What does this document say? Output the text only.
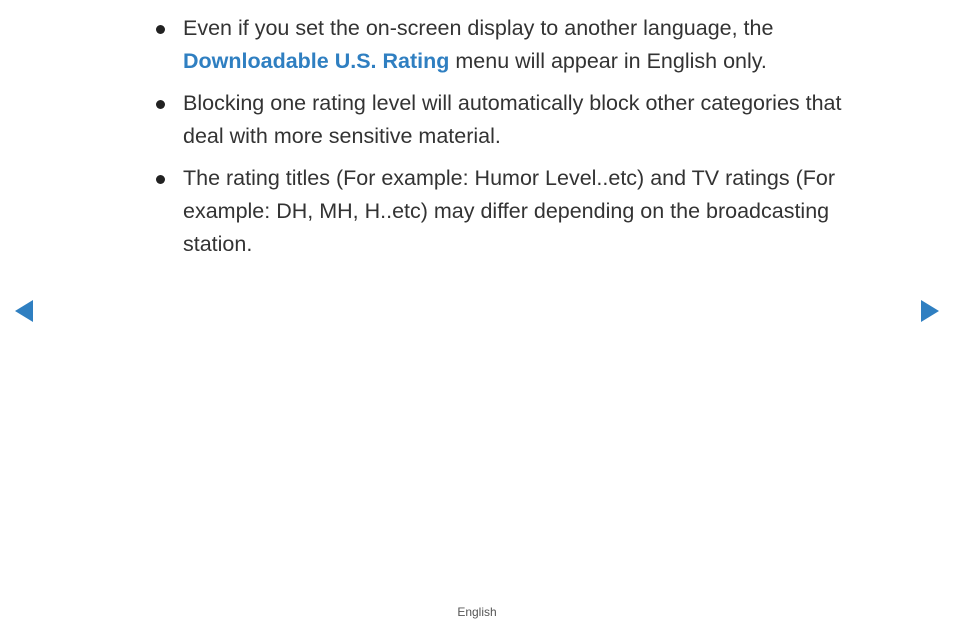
Even if you set the on-screen display to another language, the Downloadable U.S. Rating menu will appear in English only.
Blocking one rating level will automatically block other categories that deal with more sensitive material.
The rating titles (For example: Humor Level..etc) and TV ratings (For example: DH, MH, H..etc) may differ depending on the broadcasting station.
English
